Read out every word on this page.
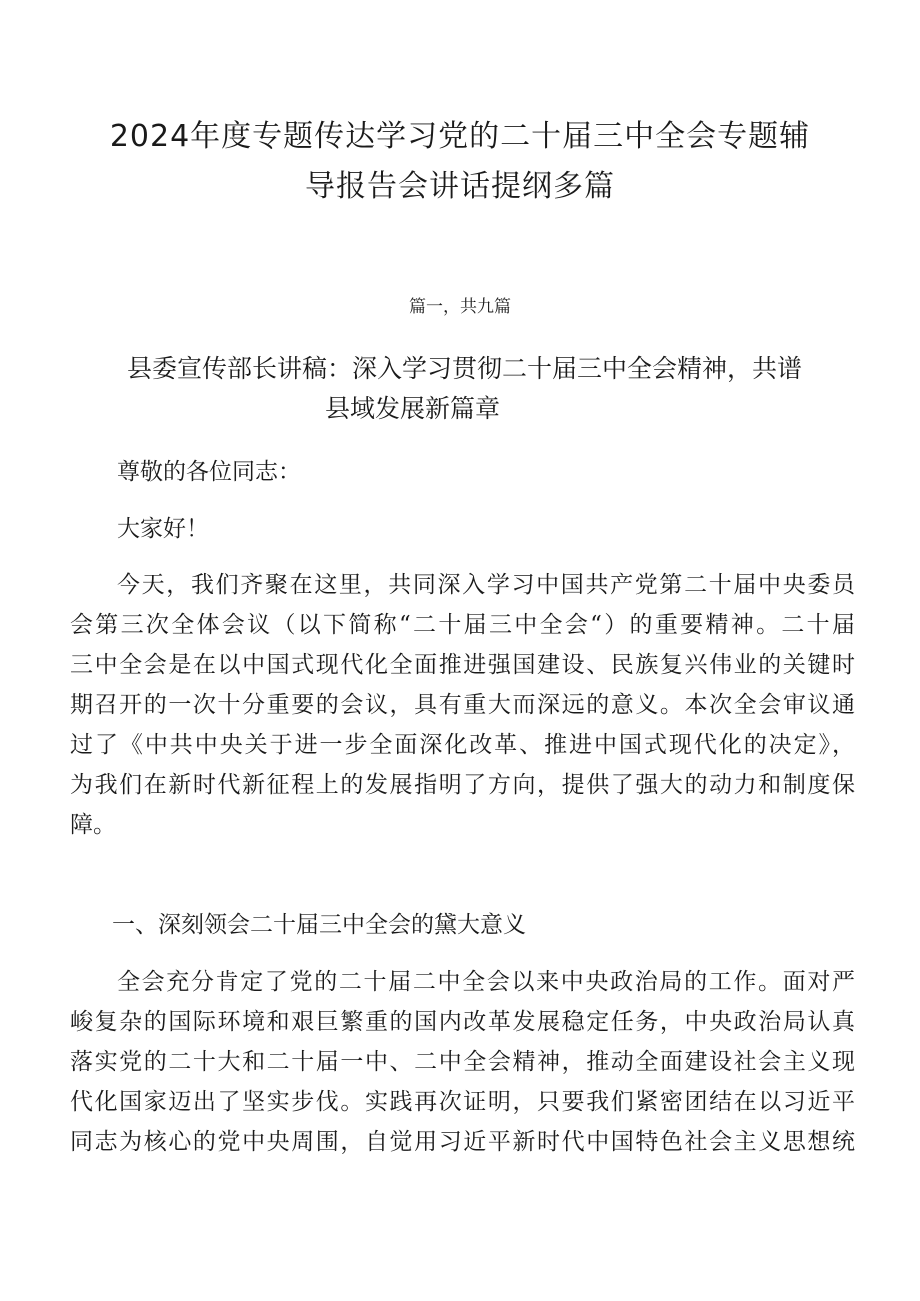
2024年度专题传达学习党的二十届三中全会专题辅
导报告会讲话提纲多篇

篇一，共九篇

县委宣传部长讲稿：深入学习贯彻二十届三中全会精神，共谱
县域发展新篇章

尊敬的各位同志：

大家好！

今天，我们齐聚在这里，共同深入学习中国共产党第二十届中央委员
会第三次全体会议（以下简称“二十届三中全会“）的重要精神。二十届
三中全会是在以中国式现代化全面推进强国建设、民族复兴伟业的关键时
期召开的一次十分重要的会议，具有重大而深远的意义。本次全会审议通
过了《中共中央关于进一步全面深化改革、推进中国式现代化的决定》，
为我们在新时代新征程上的发展指明了方向，提供了强大的动力和制度保
障。
一、深刻领会二十届三中全会的黛大意义
全会充分肯定了党的二十届二中全会以来中央政治局的工作。面对严
峻复杂的国际环境和艰巨繁重的国内改革发展稳定任务，中央政治局认真
落实党的二十大和二十届一中、二中全会精神，推动全面建设社会主义现
代化国家迈出了坚实步伐。实践再次证明，只要我们紧密团结在以习近平
同志为核心的党中央周围，自觉用习近平新时代中国特色社会主义思想统
